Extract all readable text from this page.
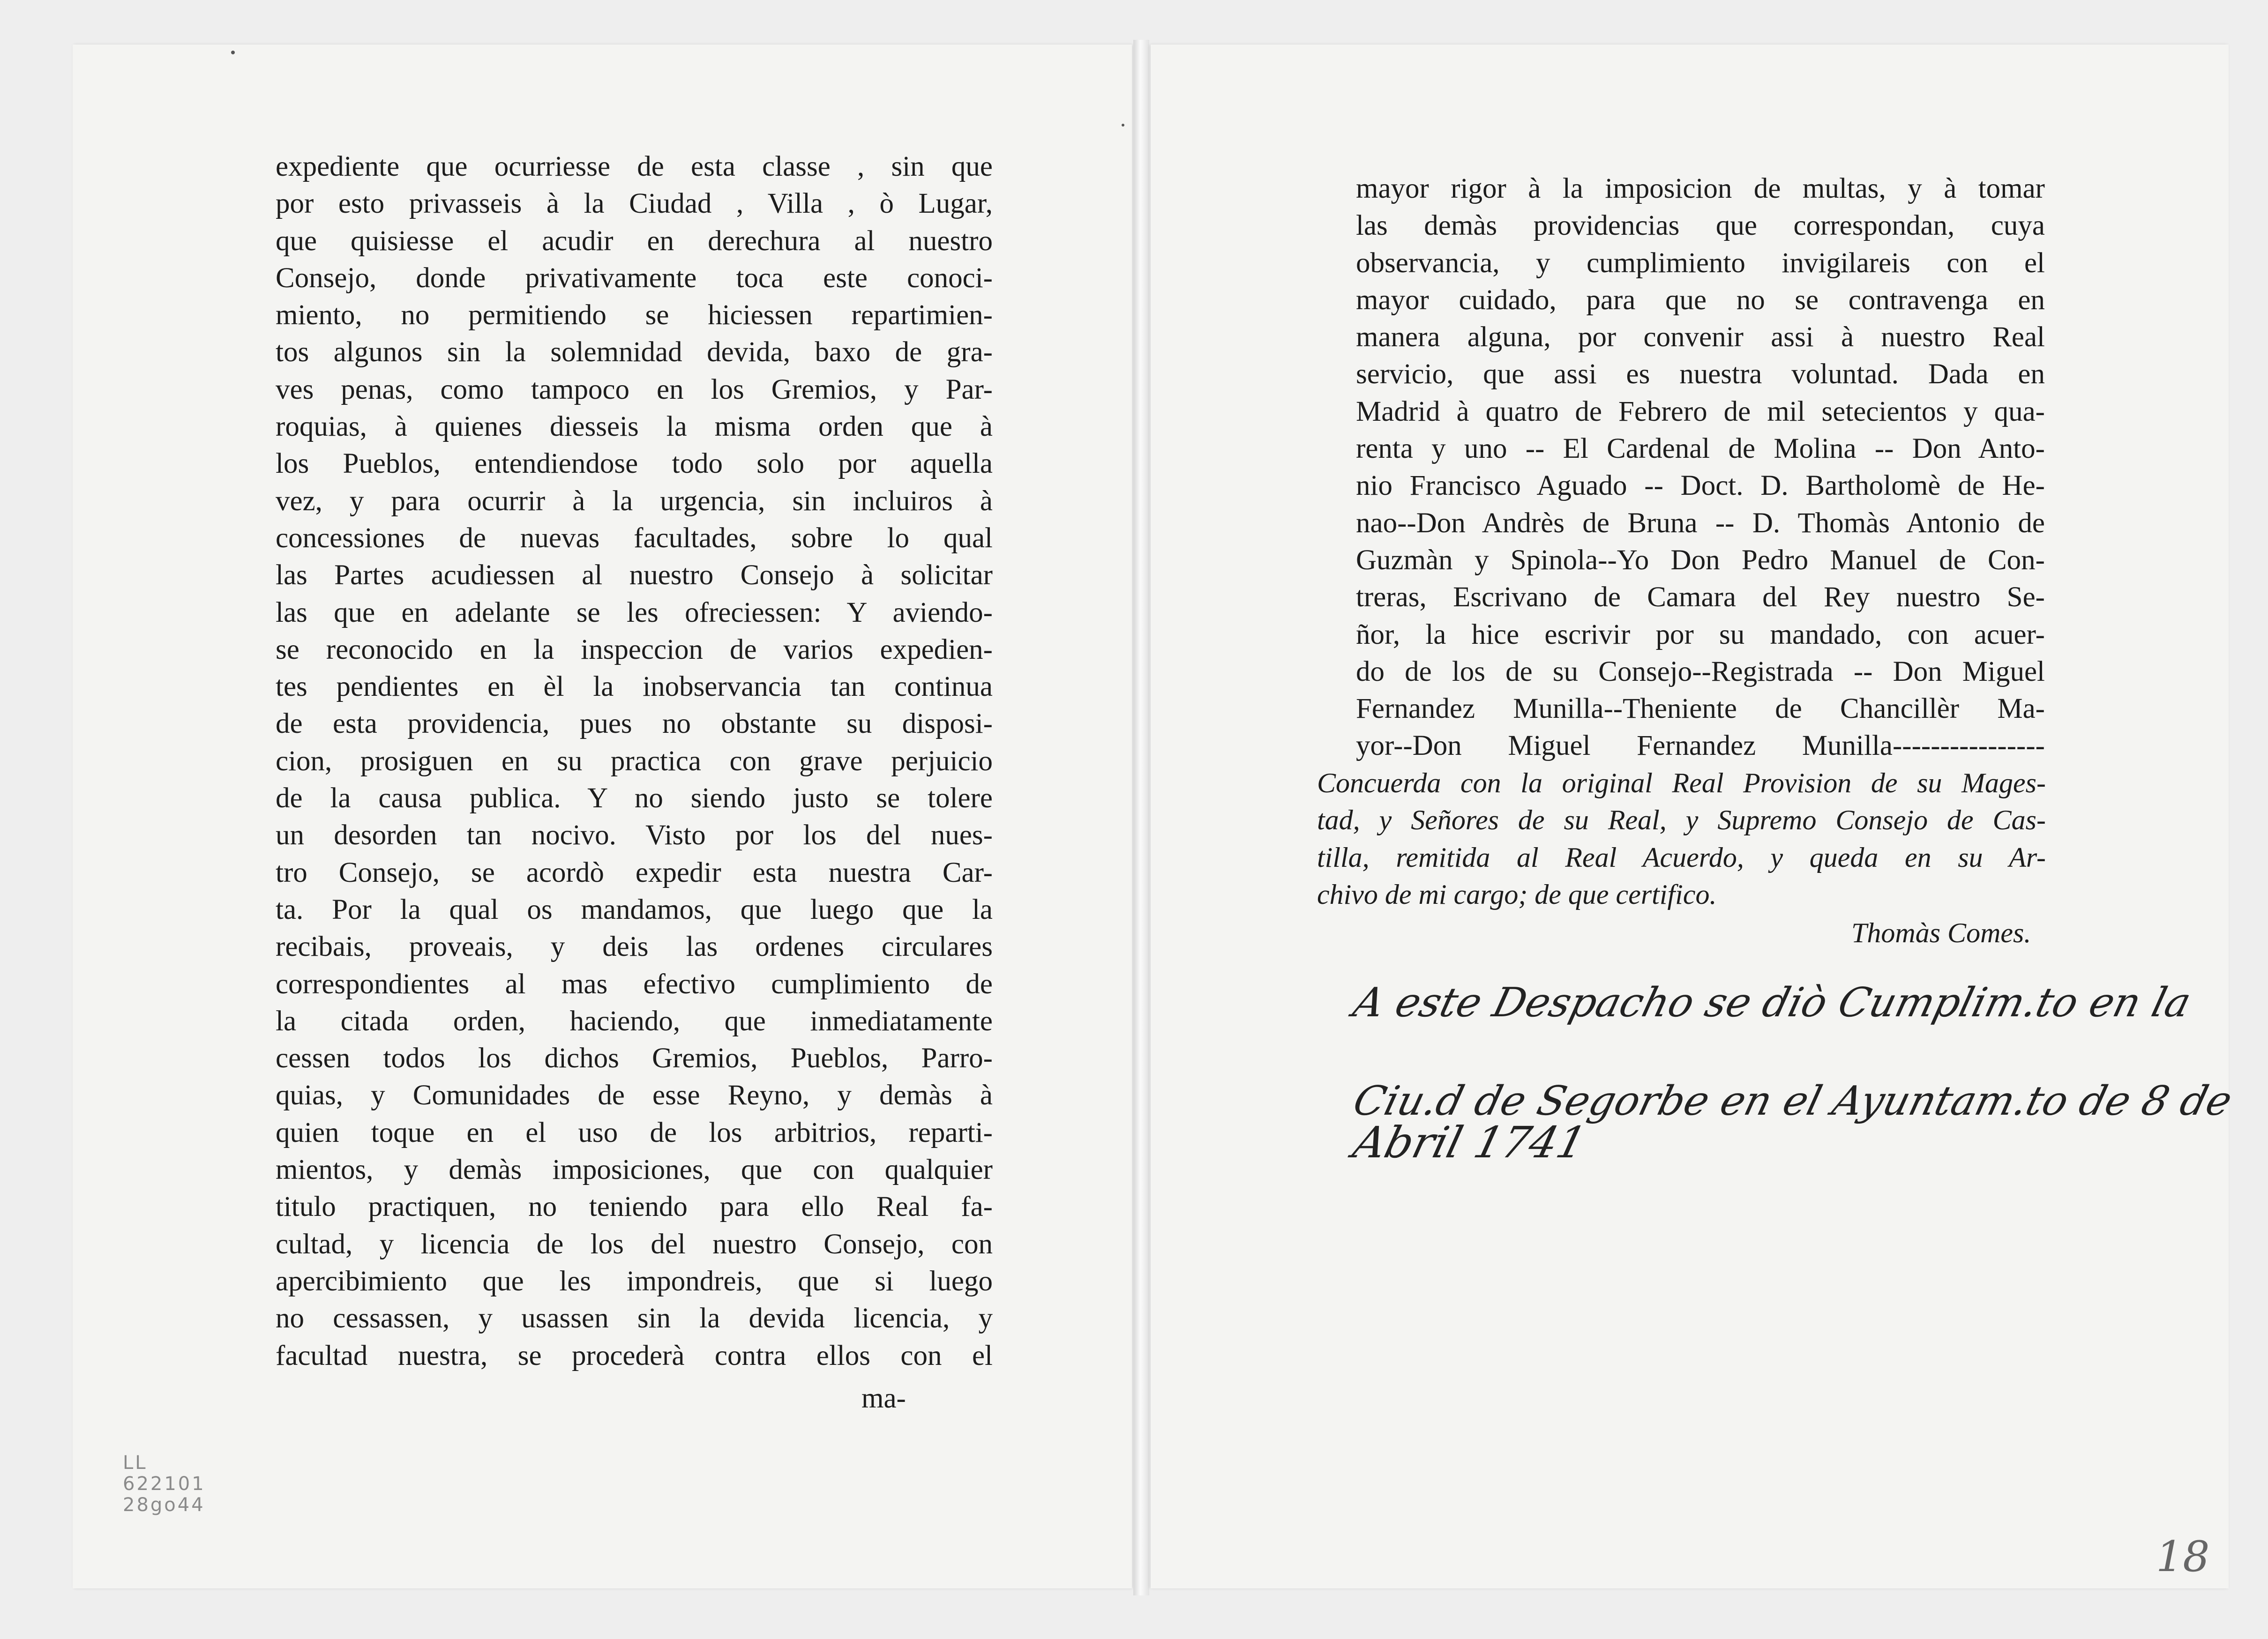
expediente que ocurriesse de esta classe , sin que
por esto privasseis à la Ciudad , Villa , ò Lugar,
que quisiesse el acudir en derechura al nuestro
Consejo, donde privativamente toca este conoci-
miento, no permitiendo se hiciessen repartimien-
tos algunos sin la solemnidad devida, baxo de gra-
ves penas, como tampoco en los Gremios, y Par-
roquias, à quienes diesseis la misma orden que à
los Pueblos, entendiendose todo solo por aquella
vez, y para ocurrir à la urgencia, sin incluiros à
concessiones de nuevas facultades, sobre lo qual
las Partes acudiessen al nuestro Consejo à solicitar
las que en adelante se les ofreciessen: Y aviendo-
se reconocido en la inspeccion de varios expedien-
tes pendientes en èl la inobservancia tan continua
de esta providencia, pues no obstante su disposi-
cion, prosiguen en su practica con grave perjuicio
de la causa publica. Y no siendo justo se tolere
un desorden tan nocivo. Visto por los del nues-
tro Consejo, se acordò expedir esta nuestra Car-
ta. Por la qual os mandamos, que luego que la
recibais, proveais, y deis las ordenes circulares
correspondientes al mas efectivo cumplimiento de
la citada orden, haciendo, que inmediatamente
cessen todos los dichos Gremios, Pueblos, Parro-
quias, y Comunidades de esse Reyno, y demàs à
quien toque en el uso de los arbitrios, reparti-
mientos, y demàs imposiciones, que con qualquier
titulo practiquen, no teniendo para ello Real fa-
cultad, y licencia de los del nuestro Consejo, con
apercibimiento que les impondreis, que si luego
no cessassen, y usassen sin la devida licencia, y
facultad nuestra, se procederà contra ellos con el
ma-
LL
622101
28go44
mayor rigor à la imposicion de multas, y à tomar
las demàs providencias que correspondan, cuya
observancia, y cumplimiento invigilareis con el
mayor cuidado, para que no se contravenga en
manera alguna, por convenir assi à nuestro Real
servicio, que assi es nuestra voluntad. Dada en
Madrid à quatro de Febrero de mil setecientos y qua-
renta y uno -- El Cardenal de Molina -- Don Anto-
nio Francisco Aguado -- Doct. D. Bartholomè de He-
nao--Don Andrès de Bruna -- D. Thomàs Antonio de
Guzmàn y Spinola--Yo Don Pedro Manuel de Con-
treras, Escrivano de Camara del Rey nuestro Se-
ñor, la hice escrivir por su mandado, con acuer-
do de los de su Consejo--Registrada -- Don Miguel
Fernandez Munilla--Theniente de Chancillèr Ma-
yor--Don Miguel Fernandez Munilla----------------
Concuerda con la original Real Provision de su Mages-
tad, y Señores de su Real, y Supremo Consejo de Cas-
tilla, remitida al Real Acuerdo, y queda en su Ar-
chivo de mi cargo; de que certifico.
Thomàs Comes.
A este Despacho se diò Cumplim.to en la
Ciu.d de Segorbe en el Ayuntam.to de 8 de
Abril 1741
18
